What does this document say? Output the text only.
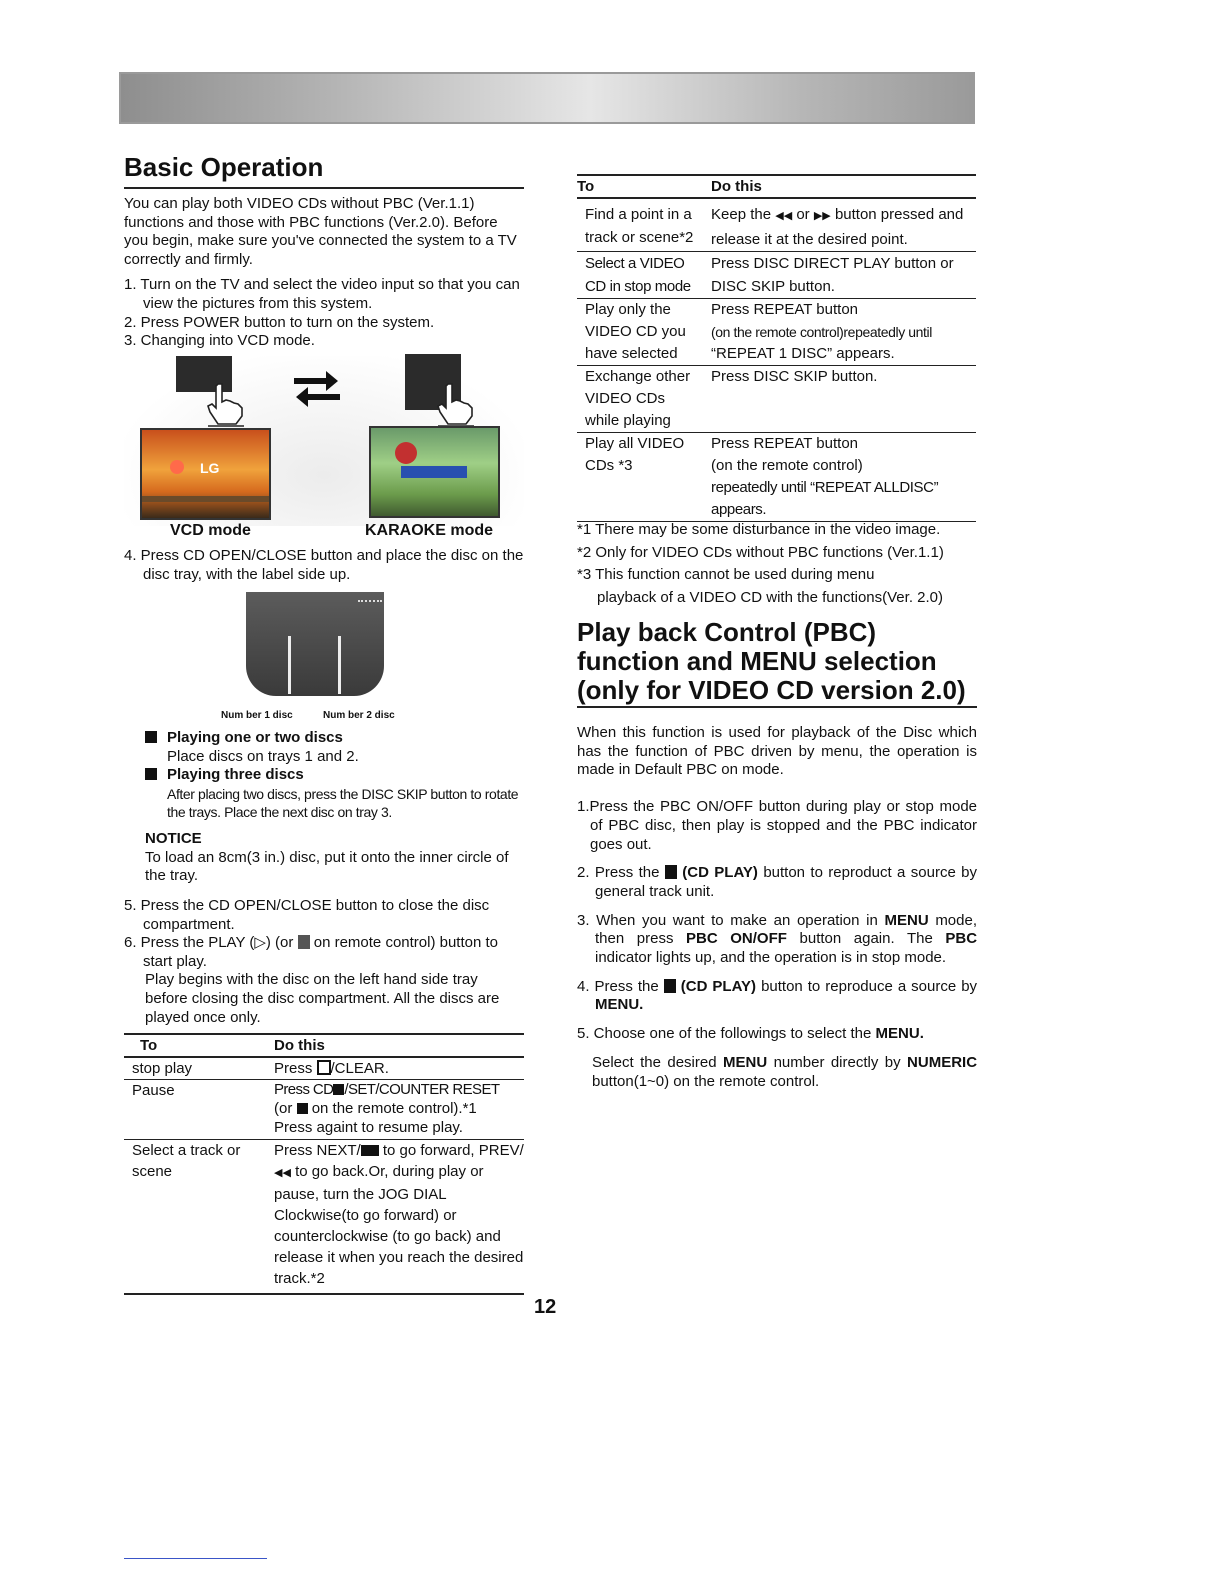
Basic Operation

You can play both VIDEO CDs without PBC (Ver.1.1) functions and those with PBC functions (Ver.2.0). Before you begin, make sure you've connected the system to a TV correctly and firmly.

1. Turn on the TV and select the video input so that you can view the pictures from this system.
2. Press POWER button to turn on the system.
3. Changing into VCD mode.
LG
VCD mode	KARAOKE mode
4. Press CD OPEN/CLOSE button and place the disc on the disc tray, with the label side up.
Num ber 1 disc	Num ber 2 disc
Playing one or two discs
Place discs on trays 1 and 2.
Playing three discs
After placing two discs, press the DISC SKIP button to rotate the trays. Place the next disc on tray 3.
NOTICE
To load an 8cm(3 in.) disc, put it onto the inner circle of the tray.
5. Press the CD OPEN/CLOSE button to close the disc compartment.
6. Press the PLAY (▷) (or on remote control) button to start play.
Play begins with the disc on the left hand side tray before closing the disc compartment. All the discs are played once only.
To	Do this
stop play	Press /CLEAR.
Pause	Press CD /SET/COUNTER RESET
(or on the remote control).*1
Press againt to resume play.
Select a track or scene	Press NEXT/ to go forward, PREV/◀◀ to go back.Or, during play or pause, turn the JOG DIAL Clockwise(to go forward) or counterclockwise (to go back) and release it when you reach the desired track.*2
12
To	Do this
Find a point in a track or scene*2	Keep the ◀◀ or ▶▶ button pressed and release it at the desired point.
Select a VIDEO CD in stop mode	Press DISC DIRECT PLAY button or DISC SKIP button.
Play only the VIDEO CD you have selected	Press REPEAT button
(on the remote control)repeatedly until
“REPEAT 1 DISC” appears.

Exchange other VIDEO CDs while playing	Press DISC SKIP button.
Play all VIDEO CDs *3	Press REPEAT button
(on the remote control)
repeatedly until “REPEAT ALLDISC” appears.
*1 There may be some disturbance in the video image.
*2 Only for VIDEO CDs without PBC functions (Ver.1.1)
*3 This function cannot be used during menu
playback of a VIDEO CD with the functions(Ver. 2.0)
Play back Control (PBC)
function and MENU selection
(only for VIDEO CD version 2.0)
When this function is used for playback of the Disc which has the function of PBC driven by menu, the operation is made in Default PBC on mode.
1.Press the PBC ON/OFF button during play or stop mode of PBC disc, then play is stopped and the PBC indicator goes out.
2. Press the (CD PLAY) button to reproduct a source by general track unit.
3. When you want to make an operation in MENU mode, then press PBC ON/OFF button again. The PBC indicator lights up, and the operation is in stop mode.
4. Press the (CD PLAY) button to reproduce a source by MENU.
5. Choose one of the followings to select the MENU.
Select the desired MENU number directly by NUMERIC button(1~0) on the remote control.
